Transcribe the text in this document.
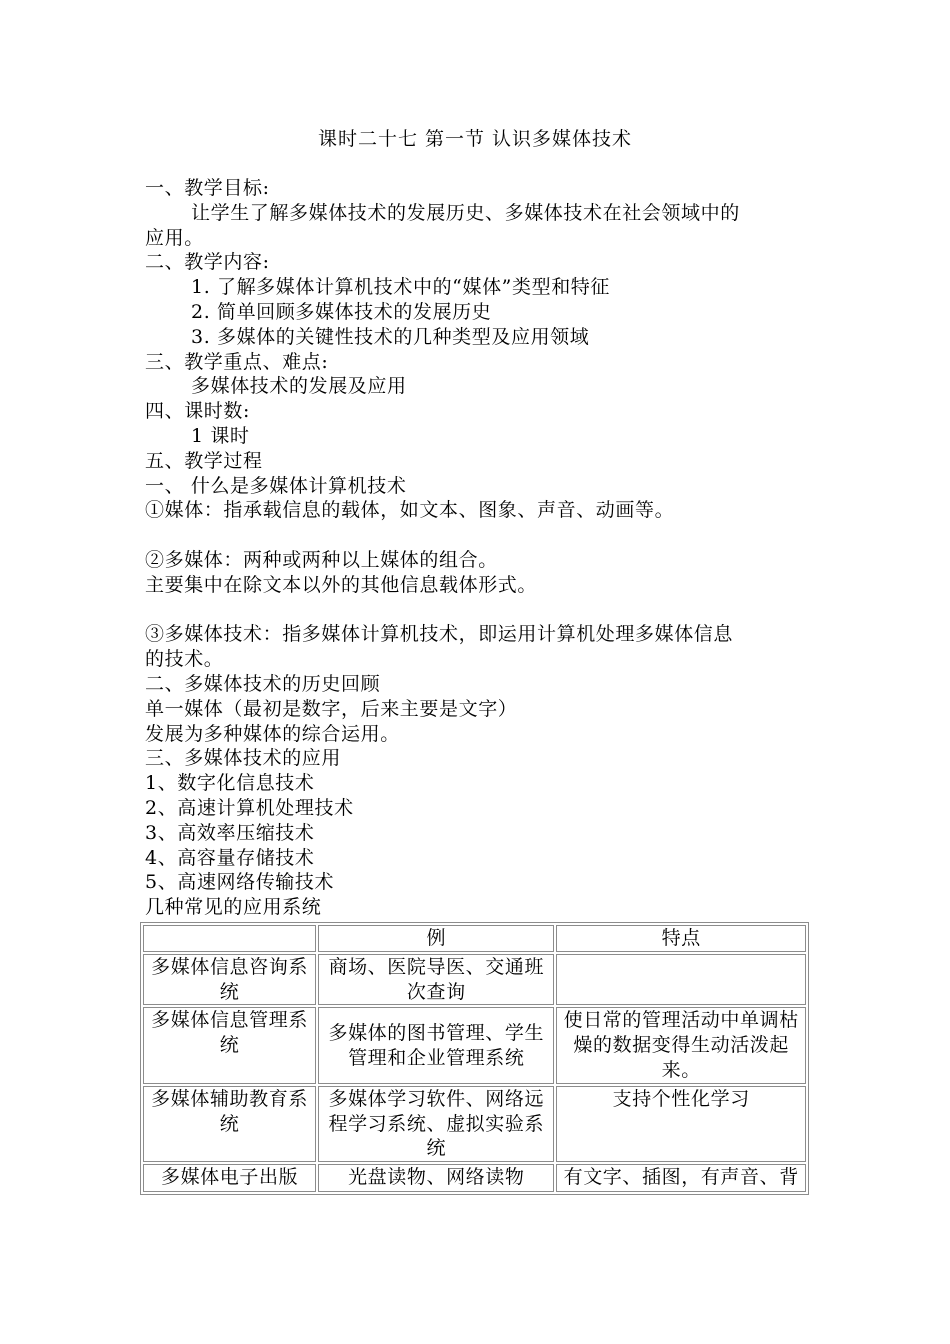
课时二十七 第一节 认识多媒体技术
一、教学目标:
让学生了解多媒体技术的发展历史、多媒体技术在社会领域中的
应用。
二、教学内容:
1. 了解多媒体计算机技术中的“媒体”类型和特征
2. 简单回顾多媒体技术的发展历史
3. 多媒体的关键性技术的几种类型及应用领域
三、教学重点、难点:
多媒体技术的发展及应用
四、课时数:
1 课时
五、教学过程
一、 什么是多媒体计算机技术
①媒体：指承载信息的载体，如文本、图象、声音、动画等。
②多媒体：两种或两种以上媒体的组合。
主要集中在除文本以外的其他信息载体形式。
③多媒体技术：指多媒体计算机技术，即运用计算机处理多媒体信息
的技术。
二、多媒体技术的历史回顾
单一媒体（最初是数字，后来主要是文字）
发展为多种媒体的综合运用。
三、多媒体技术的应用
1、数字化信息技术
2、高速计算机处理技术
3、高效率压缩技术
4、高容量存储技术
5、高速网络传输技术
几种常见的应用系统
	例	特点
多媒体信息咨询系统	商场、医院导医、交通班次查询	
多媒体信息管理系统	多媒体的图书管理、学生管理和企业管理系统	使日常的管理活动中单调枯燥的数据变得生动活泼起来。
多媒体辅助教育系统	多媒体学习软件、网络远程学习系统、虚拟实验系统	支持个性化学习
多媒体电子出版	光盘读物、网络读物	有文字、插图，有声音、背
